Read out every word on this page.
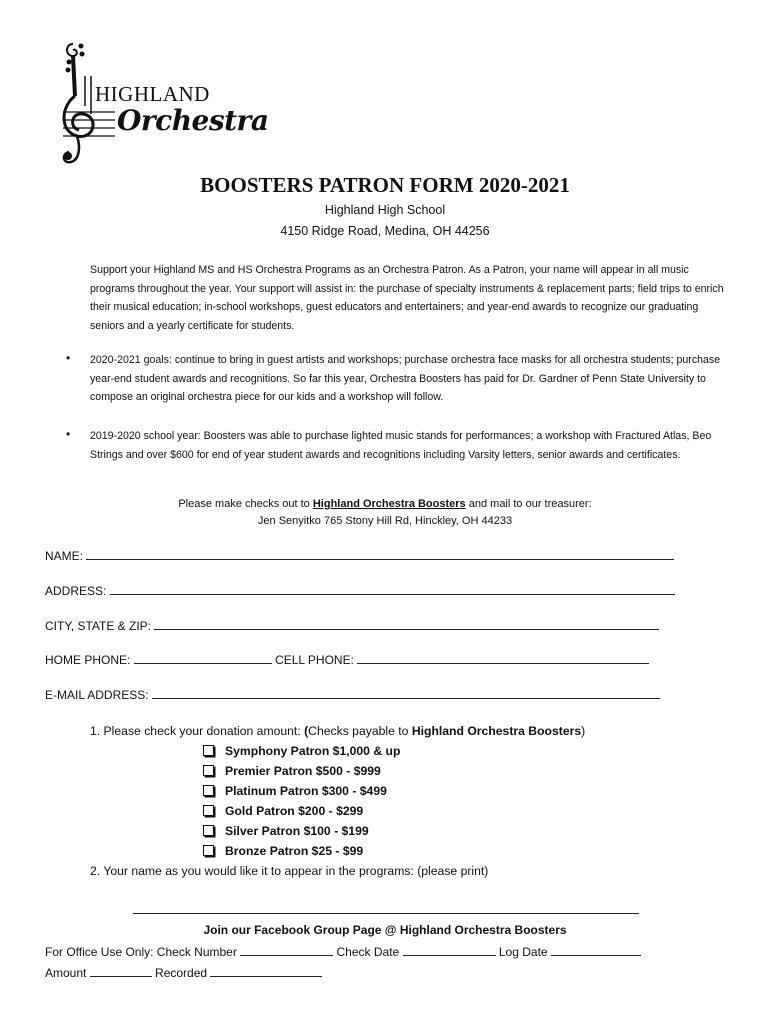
HIGHLAND
Orchestra
BOOSTERS PATRON FORM 2020-2021
Highland High School
4150 Ridge Road, Medina, OH 44256
Support your Highland MS and HS Orchestra Programs as an Orchestra Patron. As a Patron, your name will appear in all music programs throughout the year. Your support will assist in: the purchase of specialty instruments & replacement parts; field trips to enrich their musical education; in-school workshops, guest educators and entertainers; and year-end awards to recognize our graduating seniors and a yearly certificate for students.
• 2020-2021 goals: continue to bring in guest artists and workshops; purchase orchestra face masks for all orchestra students; purchase year-end student awards and recognitions. So far this year, Orchestra Boosters has paid for Dr. Gardner of Penn State University to compose an original orchestra piece for our kids and a workshop will follow.
• 2019-2020 school year: Boosters was able to purchase lighted music stands for performances; a workshop with Fractured Atlas, Beo Strings and over $600 for end of year student awards and recognitions including Varsity letters, senior awards and certificates.
Please make checks out to Highland Orchestra Boosters and mail to our treasurer:
Jen Senyitko 765 Stony Hill Rd, Hinckley, OH 44233
NAME:
ADDRESS:
CITY, STATE & ZIP:
HOME PHONE:	CELL PHONE:
E-MAIL ADDRESS:
1. Please check your donation amount: (Checks payable to Highland Orchestra Boosters)
Symphony Patron $1,000 & up
Premier Patron $500 - $999
Platinum Patron $300 - $499
Gold Patron $200 - $299
Silver Patron $100 - $199
Bronze Patron $25 - $99
2. Your name as you would like it to appear in the programs: (please print)
Join our Facebook Group Page @ Highland Orchestra Boosters
For Office Use Only: Check Number	Check Date	Log Date
Amount	Recorded
